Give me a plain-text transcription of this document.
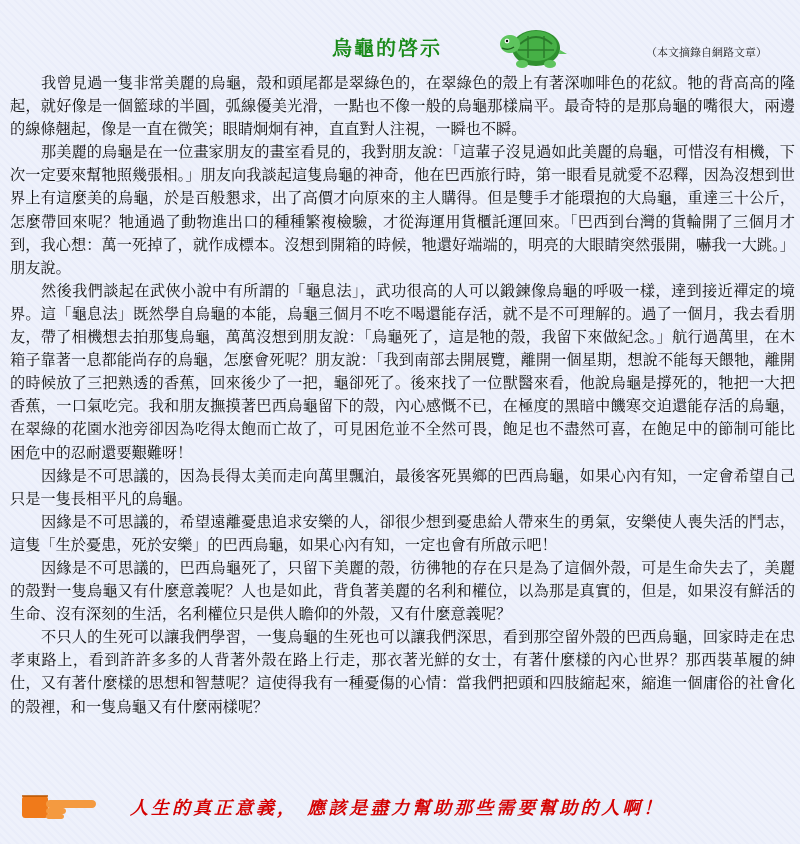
烏龜的啓示	（本文摘錄自網路文章）

我曾見過一隻非常美麗的烏龜，殼和頭尾都是翠綠色的，在翠綠色的殼上有著深咖啡色的花紋。牠的背高高的隆起，就好像是一個籃球的半圓，弧線優美光滑，一點也不像一般的烏龜那樣扁平。最奇特的是那烏龜的嘴很大，兩邊的線條翹起，像是一直在微笑；眼睛炯炯有神，直直對人注視，一瞬也不瞬。

那美麗的烏龜是在一位畫家朋友的畫室看見的，我對朋友說：「這輩子沒見過如此美麗的烏龜，可惜沒有相機，下次一定要來幫牠照幾張相。」朋友向我談起這隻烏龜的神奇，他在巴西旅行時，第一眼看見就愛不忍釋，因為沒想到世界上有這麼美的烏龜，於是百般懇求，出了高價才向原來的主人購得。但是雙手才能環抱的大烏龜，重達三十公斤，怎麼帶回來呢？牠通過了動物進出口的種種繁複檢驗，才從海運用貨櫃託運回來。「巴西到台灣的貨輪開了三個月才到，我心想：萬一死掉了，就作成標本。沒想到開箱的時候，牠還好端端的，明亮的大眼睛突然張開，嚇我一大跳。」朋友說。

然後我們談起在武俠小說中有所謂的「龜息法」，武功很高的人可以鍛鍊像烏龜的呼吸一樣，達到接近禪定的境界。這「龜息法」既然學自烏龜的本能，烏龜三個月不吃不喝還能存活，就不是不可理解的。過了一個月，我去看朋友，帶了相機想去拍那隻烏龜，萬萬沒想到朋友說：「烏龜死了，這是牠的殼，我留下來做紀念。」航行過萬里，在木箱子靠著一息都能尚存的烏龜，怎麼會死呢？朋友說：「我到南部去開展覽，離開一個星期，想說不能每天餵牠，離開的時候放了三把熟透的香蕉，回來後少了一把，龜卻死了。後來找了一位獸醫來看，他說烏龜是撐死的，牠把一大把香蕉，一口氣吃完。我和朋友撫摸著巴西烏龜留下的殼，內心感慨不已，在極度的黑暗中饑寒交迫還能存活的烏龜，在翠綠的花園水池旁卻因為吃得太飽而亡故了，可見困危並不全然可畏，飽足也不盡然可喜，在飽足中的節制可能比困危中的忍耐還要艱難呀！

因緣是不可思議的，因為長得太美而走向萬里飄泊，最後客死異鄉的巴西烏龜，如果心內有知，一定會希望自己只是一隻長相平凡的烏龜。

因緣是不可思議的，希望遠離憂患追求安樂的人，卻很少想到憂患給人帶來生的勇氣，安樂使人喪失活的鬥志，這隻「生於憂患，死於安樂」的巴西烏龜，如果心內有知，一定也會有所啟示吧！

因緣是不可思議的，巴西烏龜死了，只留下美麗的殼，彷彿牠的存在只是為了這個外殼，可是生命失去了，美麗的殼對一隻烏龜又有什麼意義呢？人也是如此，背負著美麗的名利和權位，以為那是真實的，但是，如果沒有鮮活的生命、沒有深刻的生活，名利權位只是供人瞻仰的外殼，又有什麼意義呢？

不只人的生死可以讓我們學習，一隻烏龜的生死也可以讓我們深思，看到那空留外殼的巴西烏龜，回家時走在忠孝東路上，看到許許多多的人背著外殼在路上行走，那衣著光鮮的女士，有著什麼樣的內心世界？那西裝革履的紳仕，又有著什麼樣的思想和智慧呢？這使得我有一種憂傷的心情：當我們把頭和四肢縮起來，縮進一個庸俗的社會化的殼裡，和一隻烏龜又有什麼兩樣呢？

人生的真正意義， 應該是盡力幫助那些需要幫助的人啊！
